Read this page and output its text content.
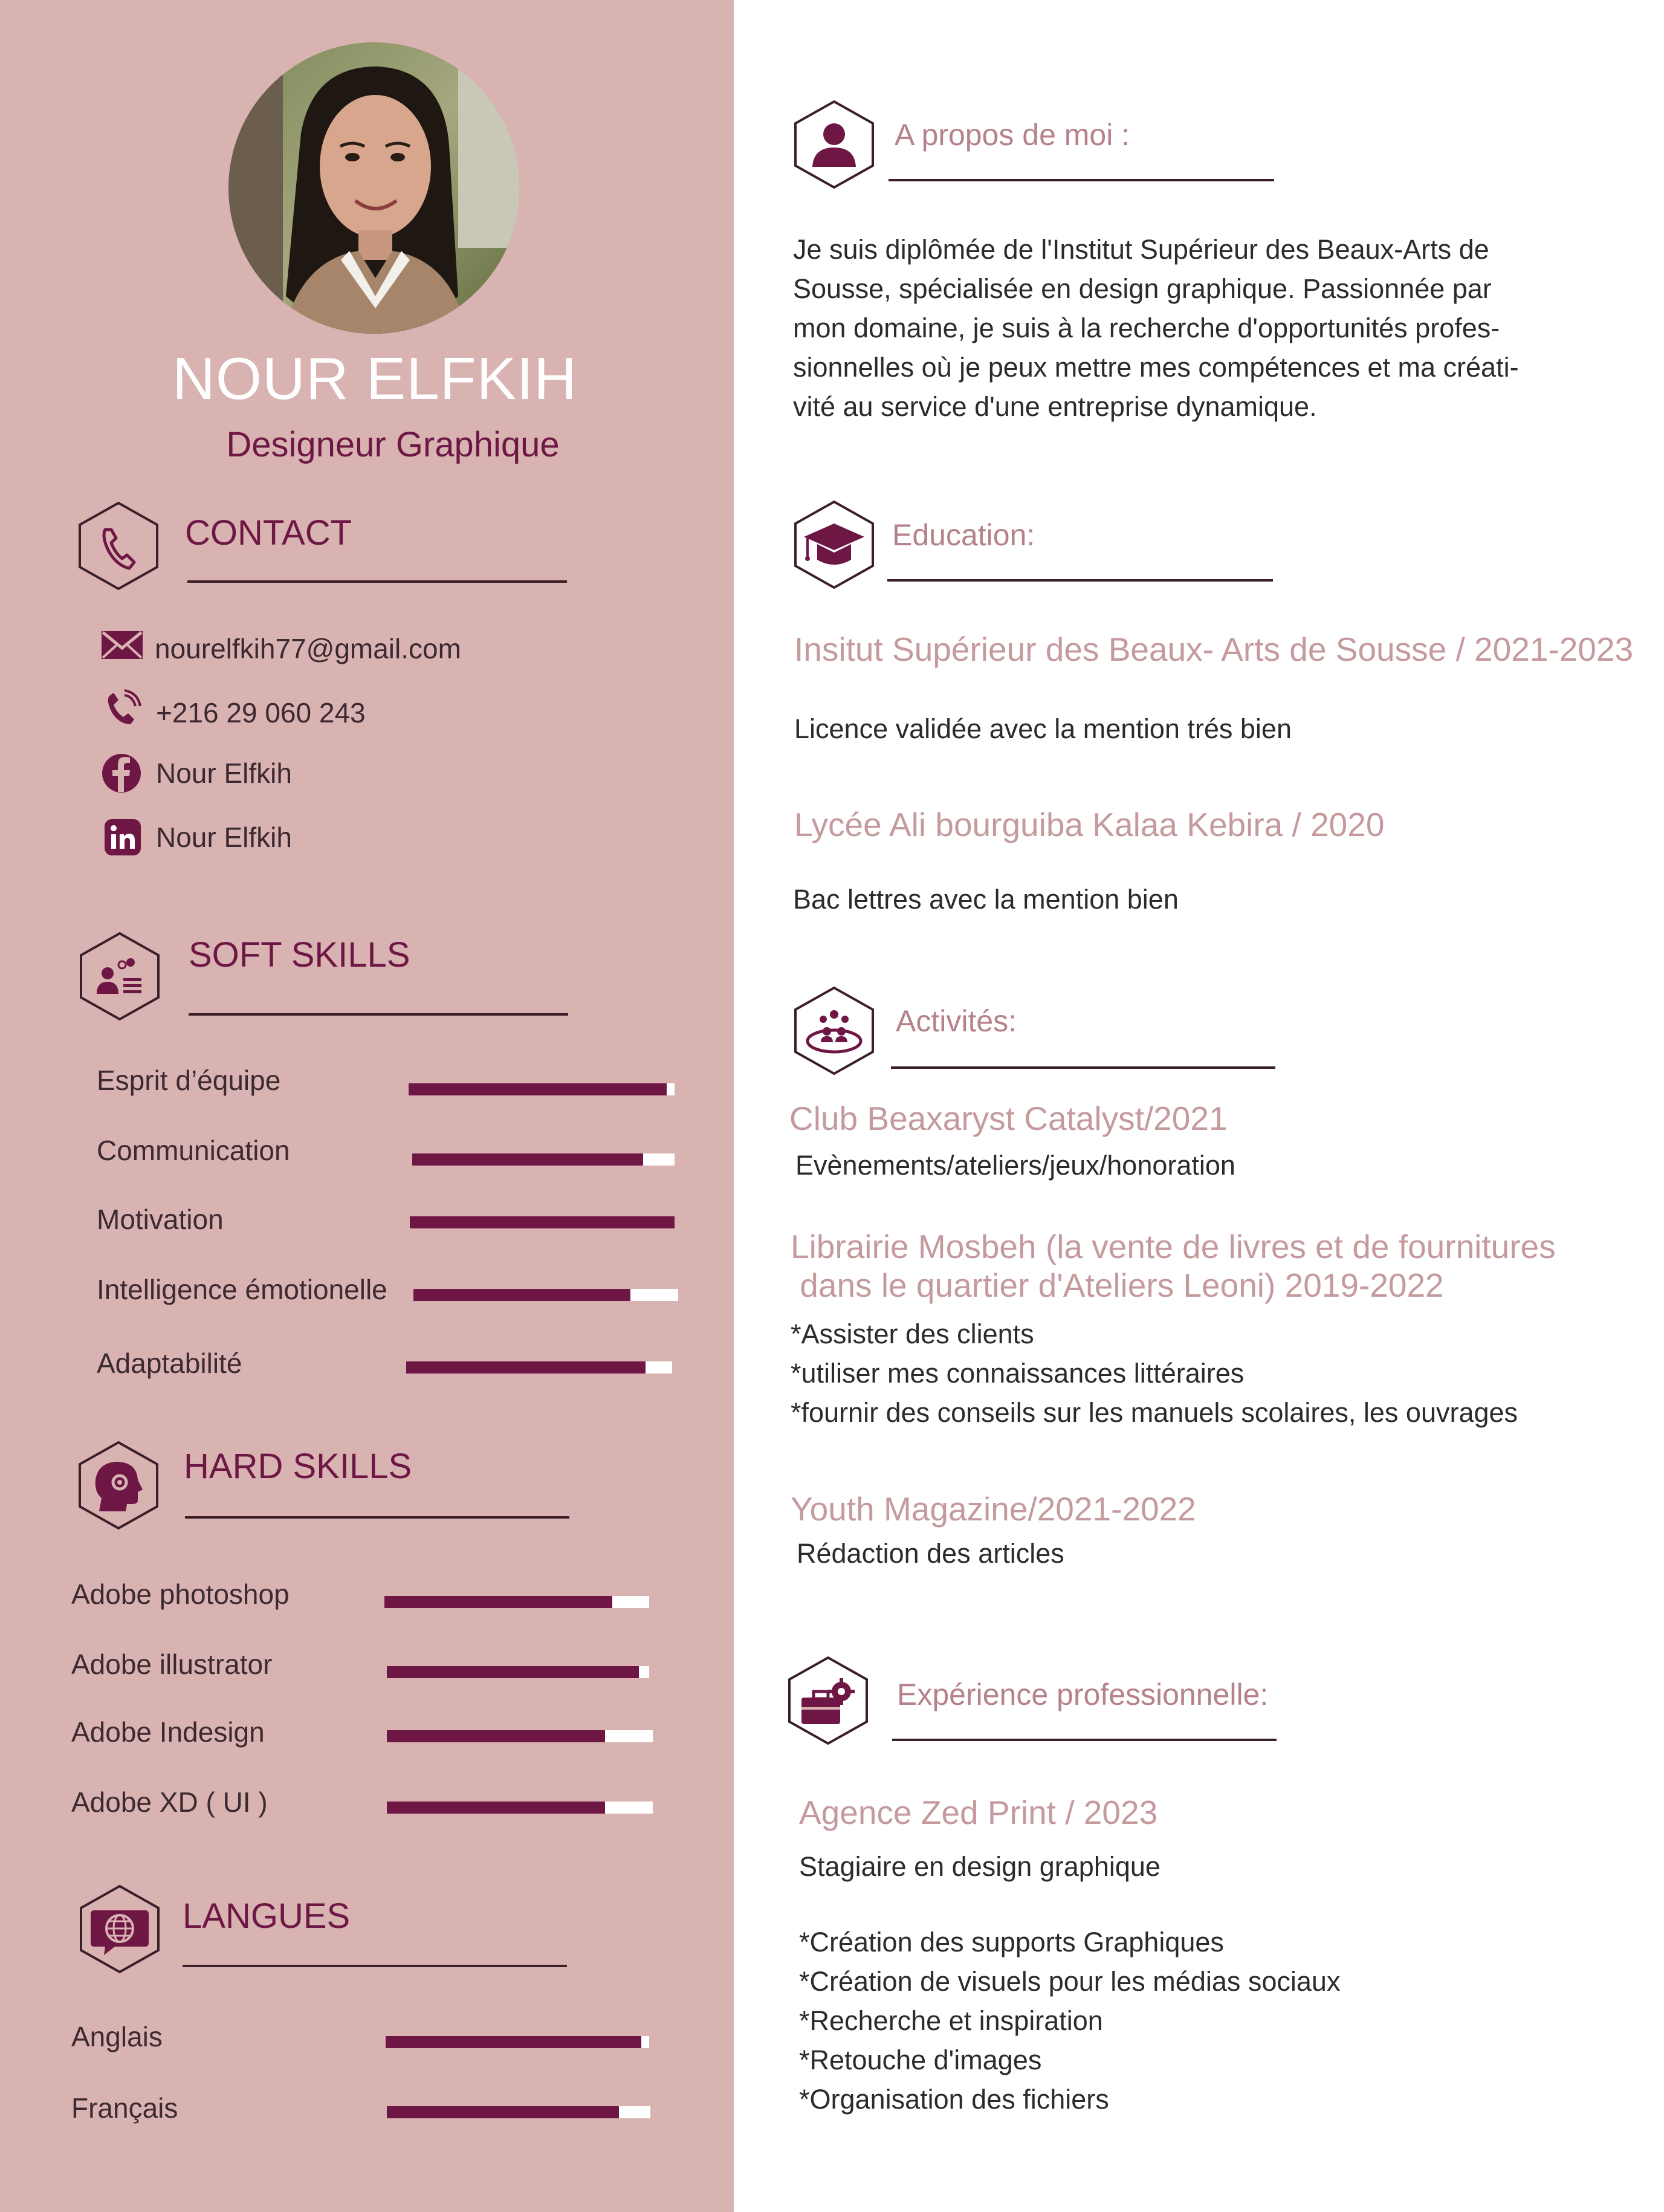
NOUR ELFKIH
Designeur Graphique
CONTACT
nourelfkih77@gmail.com
+216 29 060 243
Nour Elfkih
Nour Elfkih
SOFT SKILLS
Esprit d’équipe
Communication
Motivation
Intelligence émotionelle
Adaptabilité
HARD SKILLS
Adobe photoshop
Adobe illustrator
Adobe Indesign
Adobe XD ( UI )
LANGUES
Anglais
Français
A propos de moi :
Je suis diplômée de l'Institut Supérieur des Beaux-Arts de
Sousse, spécialisée en design graphique. Passionnée par
mon domaine, je suis à la recherche d'opportunités profes-
sionnelles où je peux mettre mes compétences et ma créati-
vité au service d'une entreprise dynamique.
Education:
Insitut Supérieur des Beaux- Arts de Sousse / 2021-2023
Licence validée avec la mention trés bien
Lycée Ali bourguiba Kalaa Kebira / 2020
Bac lettres avec la mention bien
Activités:
Club Beaxaryst Catalyst/2021
Evènements/ateliers/jeux/honoration
Librairie Mosbeh (la vente de livres et de fournitures
dans le quartier d'Ateliers Leoni) 2019-2022
*Assister des clients
*utiliser mes connaissances littéraires
*fournir des conseils sur les manuels scolaires, les ouvrages
Youth Magazine/2021-2022
Rédaction des articles
Expérience professionnelle:
Agence Zed Print / 2023
Stagiaire en design graphique
*Création des supports Graphiques
*Création de visuels pour les médias sociaux
*Recherche et inspiration
*Retouche d'images
*Organisation des fichiers
